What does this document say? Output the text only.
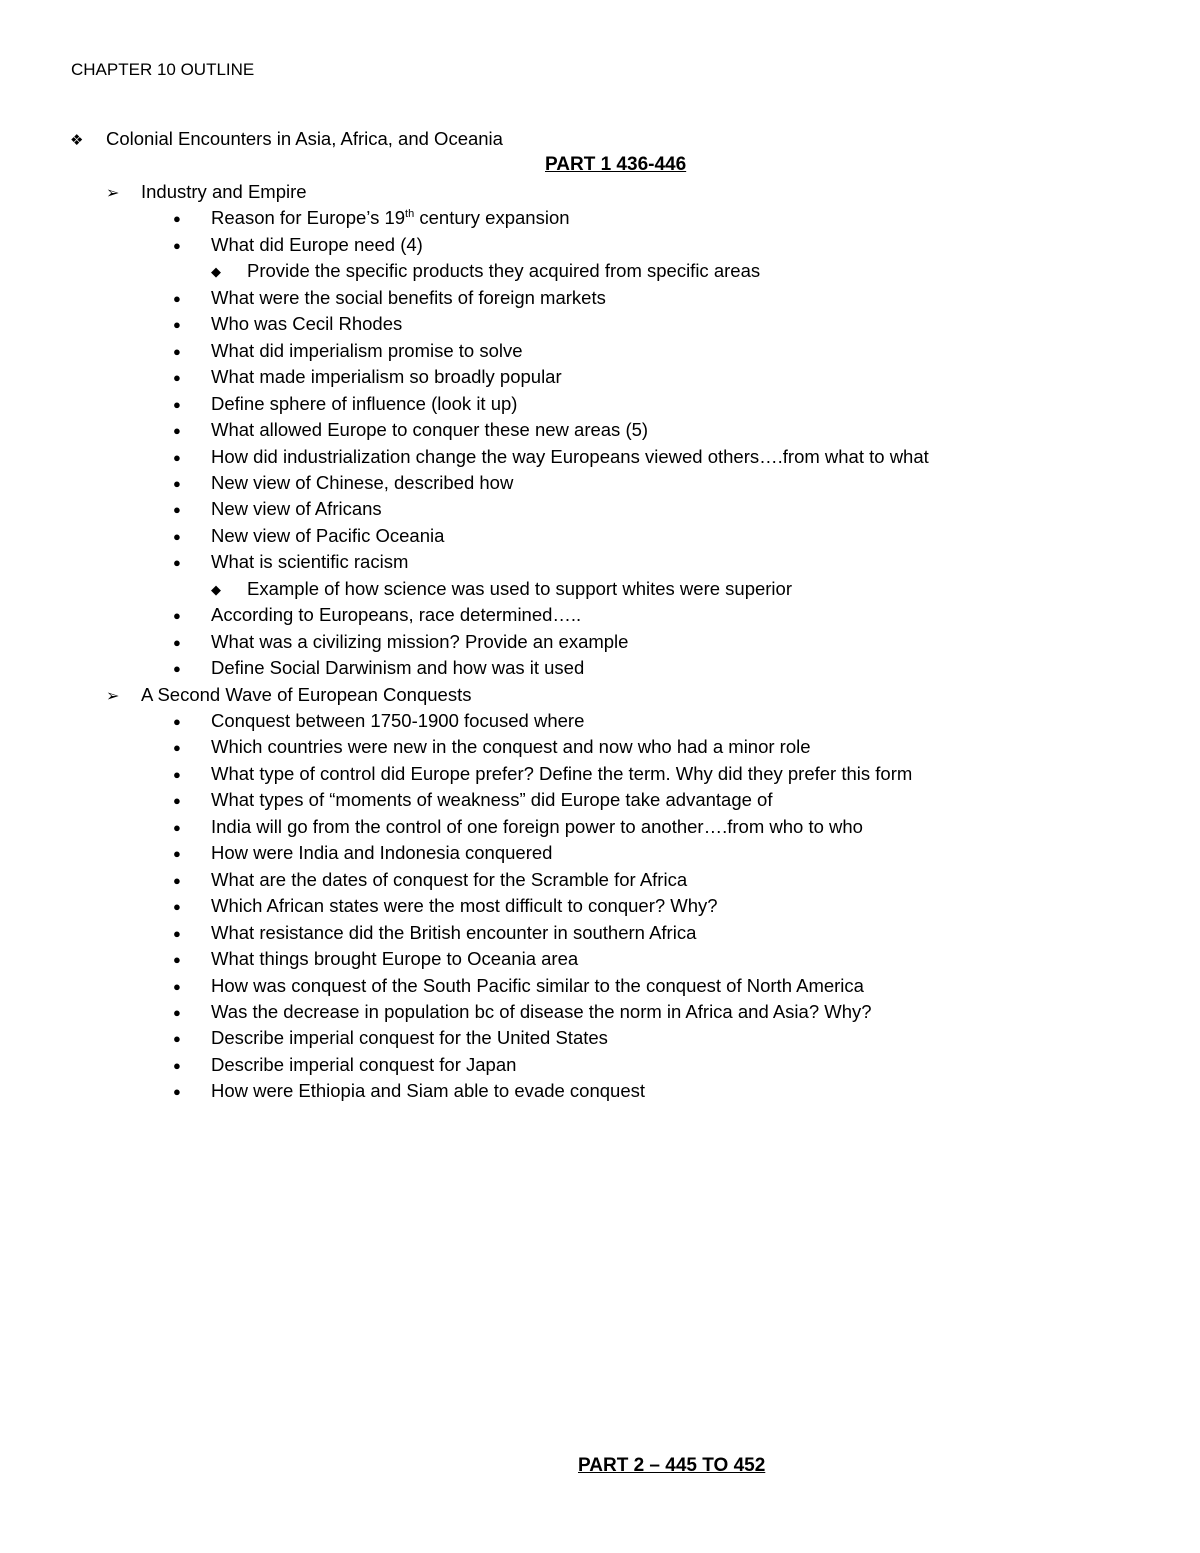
CHAPTER 10 OUTLINE
❖ Colonial Encounters in Asia, Africa, and Oceania
PART 1 436-446
➢ Industry and Empire
● Reason for Europe’s 19th century expansion
● What did Europe need (4)
◆ Provide the specific products they acquired from specific areas
● What were the social benefits of foreign markets
● Who was Cecil Rhodes
● What did imperialism promise to solve
● What made imperialism so broadly popular
● Define sphere of influence (look it up)
● What allowed Europe to conquer these new areas (5)
● How did industrialization change the way Europeans viewed others….from what to what
● New view of Chinese, described how
● New view of Africans
● New view of Pacific Oceania
● What is scientific racism
◆ Example of how science was used to support whites were superior
● According to Europeans, race determined…..
● What was a civilizing mission? Provide an example
● Define Social Darwinism and how was it used
➢ A Second Wave of European Conquests
● Conquest between 1750-1900 focused where
● Which countries were new in the conquest and now who had a minor role
● What type of control did Europe prefer? Define the term. Why did they prefer this form
● What types of “moments of weakness” did Europe take advantage of
● India will go from the control of one foreign power to another….from who to who
● How were India and Indonesia conquered
● What are the dates of conquest for the Scramble for Africa
● Which African states were the most difficult to conquer? Why?
● What resistance did the British encounter in southern Africa
● What things brought Europe to Oceania area
● How was conquest of the South Pacific similar to the conquest of North America
● Was the decrease in population bc of disease the norm in Africa and Asia? Why?
● Describe imperial conquest for the United States
● Describe imperial conquest for Japan
● How were Ethiopia and Siam able to evade conquest
PART 2 – 445 TO 452
